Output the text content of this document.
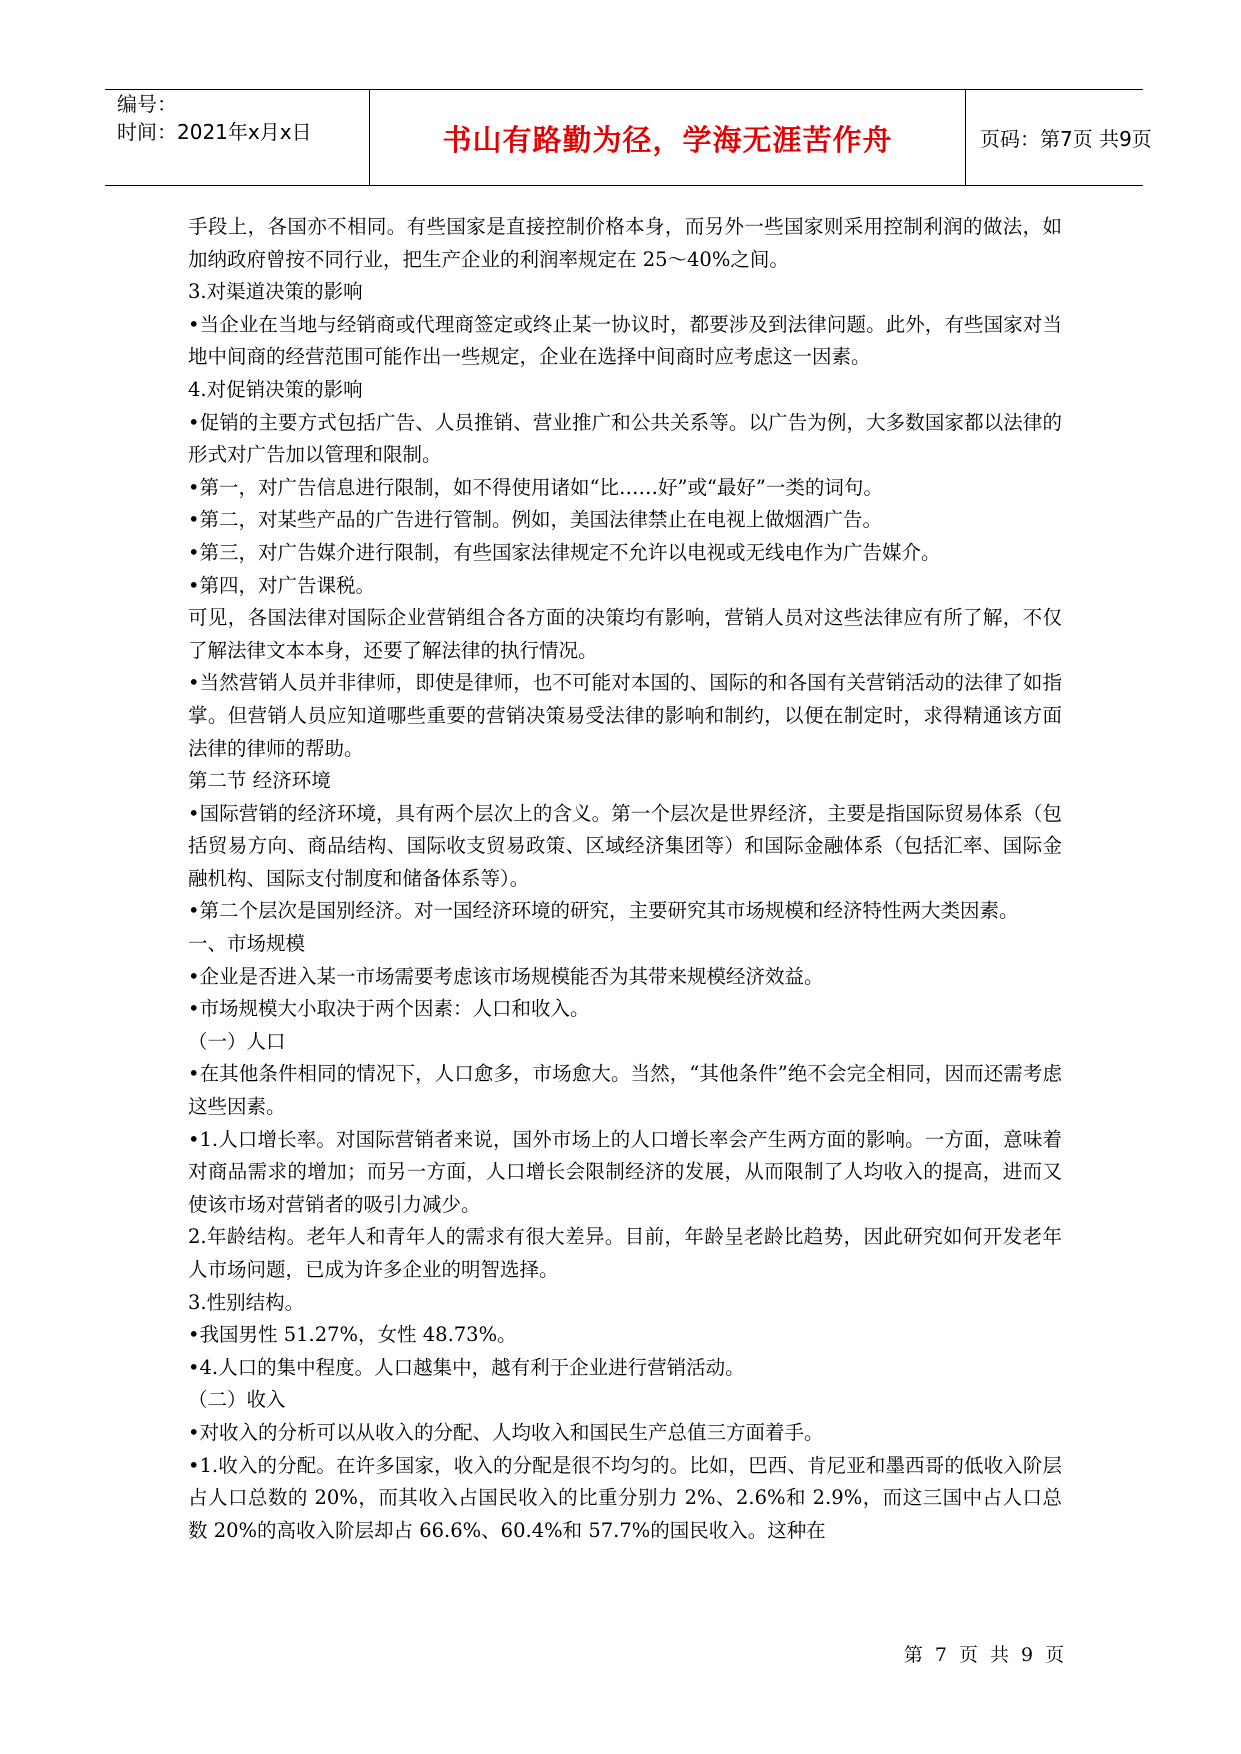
编号：
时间：2021年x月x日	书山有路勤为径，学海无涯苦作舟	页码：第7页 共9页

手段上，各国亦不相同。有些国家是直接控制价格本身，而另外一些国家则采用控制利润的做法，如加纳政府曾按不同行业，把生产企业的利润率规定在 25～40%之间。

3.对渠道决策的影响

•当企业在当地与经销商或代理商签定或终止某一协议时，都要涉及到法律问题。此外，有些国家对当地中间商的经营范围可能作出一些规定，企业在选择中间商时应考虑这一因素。

4.对促销决策的影响

•促销的主要方式包括广告、人员推销、营业推广和公共关系等。以广告为例，大多数国家都以法律的形式对广告加以管理和限制。

•第一，对广告信息进行限制，如不得使用诸如“比……好”或“最好”一类的词句。

•第二，对某些产品的广告进行管制。例如，美国法律禁止在电视上做烟酒广告。

•第三，对广告媒介进行限制，有些国家法律规定不允许以电视或无线电作为广告媒介。

•第四，对广告课税。

可见，各国法律对国际企业营销组合各方面的决策均有影响，营销人员对这些法律应有所了解，不仅了解法律文本本身，还要了解法律的执行情况。

•当然营销人员并非律师，即使是律师，也不可能对本国的、国际的和各国有关营销活动的法律了如指掌。但营销人员应知道哪些重要的营销决策易受法律的影响和制约，以便在制定时，求得精通该方面法律的律师的帮助。

第二节 经济环境

•国际营销的经济环境，具有两个层次上的含义。第一个层次是世界经济，主要是指国际贸易体系（包括贸易方向、商品结构、国际收支贸易政策、区域经济集团等）和国际金融体系（包括汇率、国际金融机构、国际支付制度和储备体系等）。

•第二个层次是国别经济。对一国经济环境的研究，主要研究其市场规模和经济特性两大类因素。

一、市场规模

•企业是否进入某一市场需要考虑该市场规模能否为其带来规模经济效益。

•市场规模大小取决于两个因素：人口和收入。

（一）人口

•在其他条件相同的情况下，人口愈多，市场愈大。当然，“其他条件”绝不会完全相同，因而还需考虑这些因素。

•1.人口增长率。对国际营销者来说，国外市场上的人口增长率会产生两方面的影响。一方面，意味着对商品需求的增加；而另一方面，人口增长会限制经济的发展，从而限制了人均收入的提高，进而又使该市场对营销者的吸引力减少。

2.年龄结构。老年人和青年人的需求有很大差异。目前，年龄呈老龄比趋势，因此研究如何开发老年人市场问题，已成为许多企业的明智选择。

3.性别结构。

•我国男性 51.27%，女性 48.73%。

•4.人口的集中程度。人口越集中，越有利于企业进行营销活动。

（二）收入

•对收入的分析可以从收入的分配、人均收入和国民生产总值三方面着手。

•1.收入的分配。在许多国家，收入的分配是很不均匀的。比如，巴西、肯尼亚和墨西哥的低收入阶层占人口总数的 20%，而其收入占国民收入的比重分别力 2%、2.6%和 2.9%，而这三国中占人口总数 20%的高收入阶层却占 66.6%、60.4%和 57.7%的国民收入。这种在

第 7 页 共 9 页
